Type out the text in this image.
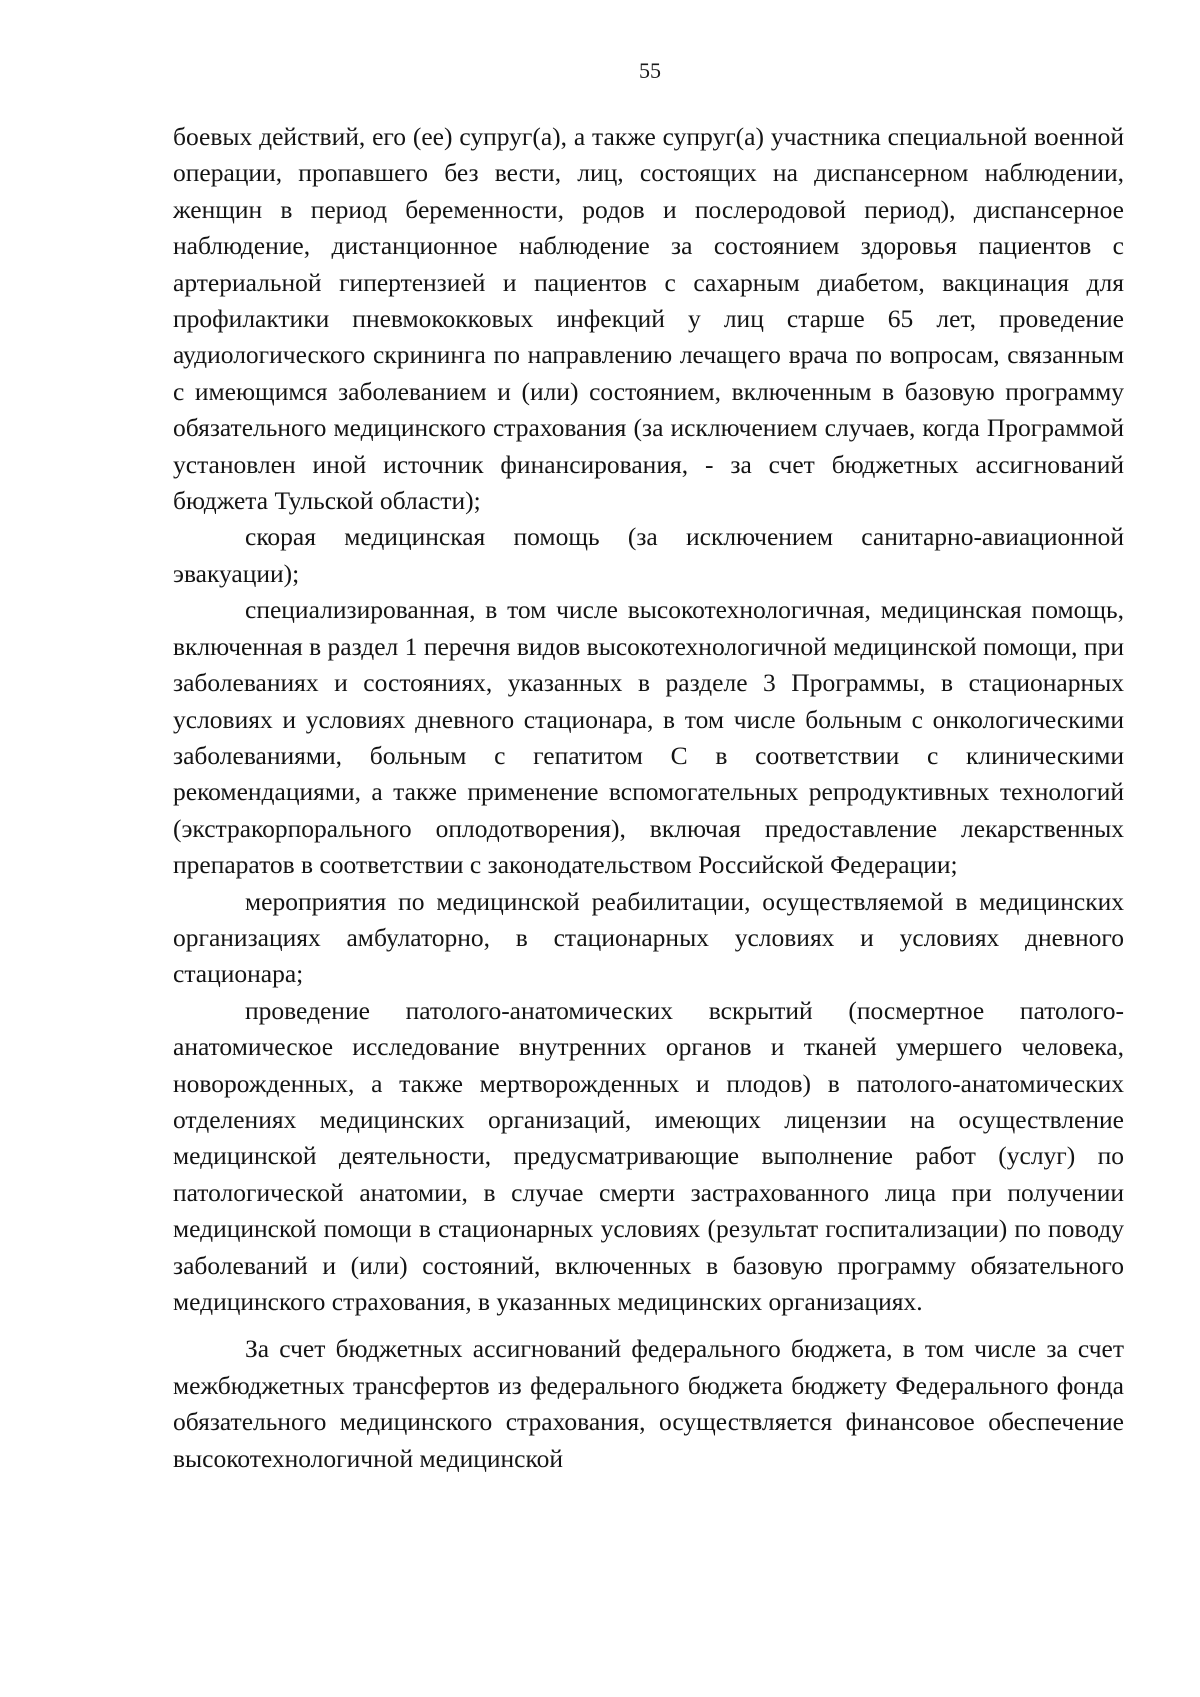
55

боевых действий, его (ее) супруг(а), а также супруг(а) участника специальной военной операции, пропавшего без вести, лиц, состоящих на диспансерном наблюдении, женщин в период беременности, родов и послеродовой период), диспансерное наблюдение, дистанционное наблюдение за состоянием здоровья пациентов с артериальной гипертензией и пациентов с сахарным диабетом, вакцинация для профилактики пневмококковых инфекций у лиц старше 65 лет, проведение аудиологического скрининга по направлению лечащего врача по вопросам, связанным с имеющимся заболеванием и (или) состоянием, включенным в базовую программу обязательного медицинского страхования (за исключением случаев, когда Программой установлен иной источник финансирования, - за счет бюджетных ассигнований бюджета Тульской области);

скорая медицинская помощь (за исключением санитарно-авиационной эвакуации);

специализированная, в том числе высокотехнологичная, медицинская помощь, включенная в раздел 1 перечня видов высокотехнологичной медицинской помощи, при заболеваниях и состояниях, указанных в разделе 3 Программы, в стационарных условиях и условиях дневного стационара, в том числе больным с онкологическими заболеваниями, больным с гепатитом С в соответствии с клиническими рекомендациями, а также применение вспомогательных репродуктивных технологий (экстракорпорального оплодотворения), включая предоставление лекарственных препаратов в соответствии с законодательством Российской Федерации;

мероприятия по медицинской реабилитации, осуществляемой в медицинских организациях амбулаторно, в стационарных условиях и условиях дневного стационара;

проведение патолого-анатомических вскрытий (посмертное патолого-анатомическое исследование внутренних органов и тканей умершего человека, новорожденных, а также мертворожденных и плодов) в патолого-анатомических отделениях медицинских организаций, имеющих лицензии на осуществление медицинской деятельности, предусматривающие выполнение работ (услуг) по патологической анатомии, в случае смерти застрахованного лица при получении медицинской помощи в стационарных условиях (результат госпитализации) по поводу заболеваний и (или) состояний, включенных в базовую программу обязательного медицинского страхования, в указанных медицинских организациях.

За счет бюджетных ассигнований федерального бюджета, в том числе за счет межбюджетных трансфертов из федерального бюджета бюджету Федерального фонда обязательного медицинского страхования, осуществляется финансовое обеспечение высокотехнологичной медицинской
